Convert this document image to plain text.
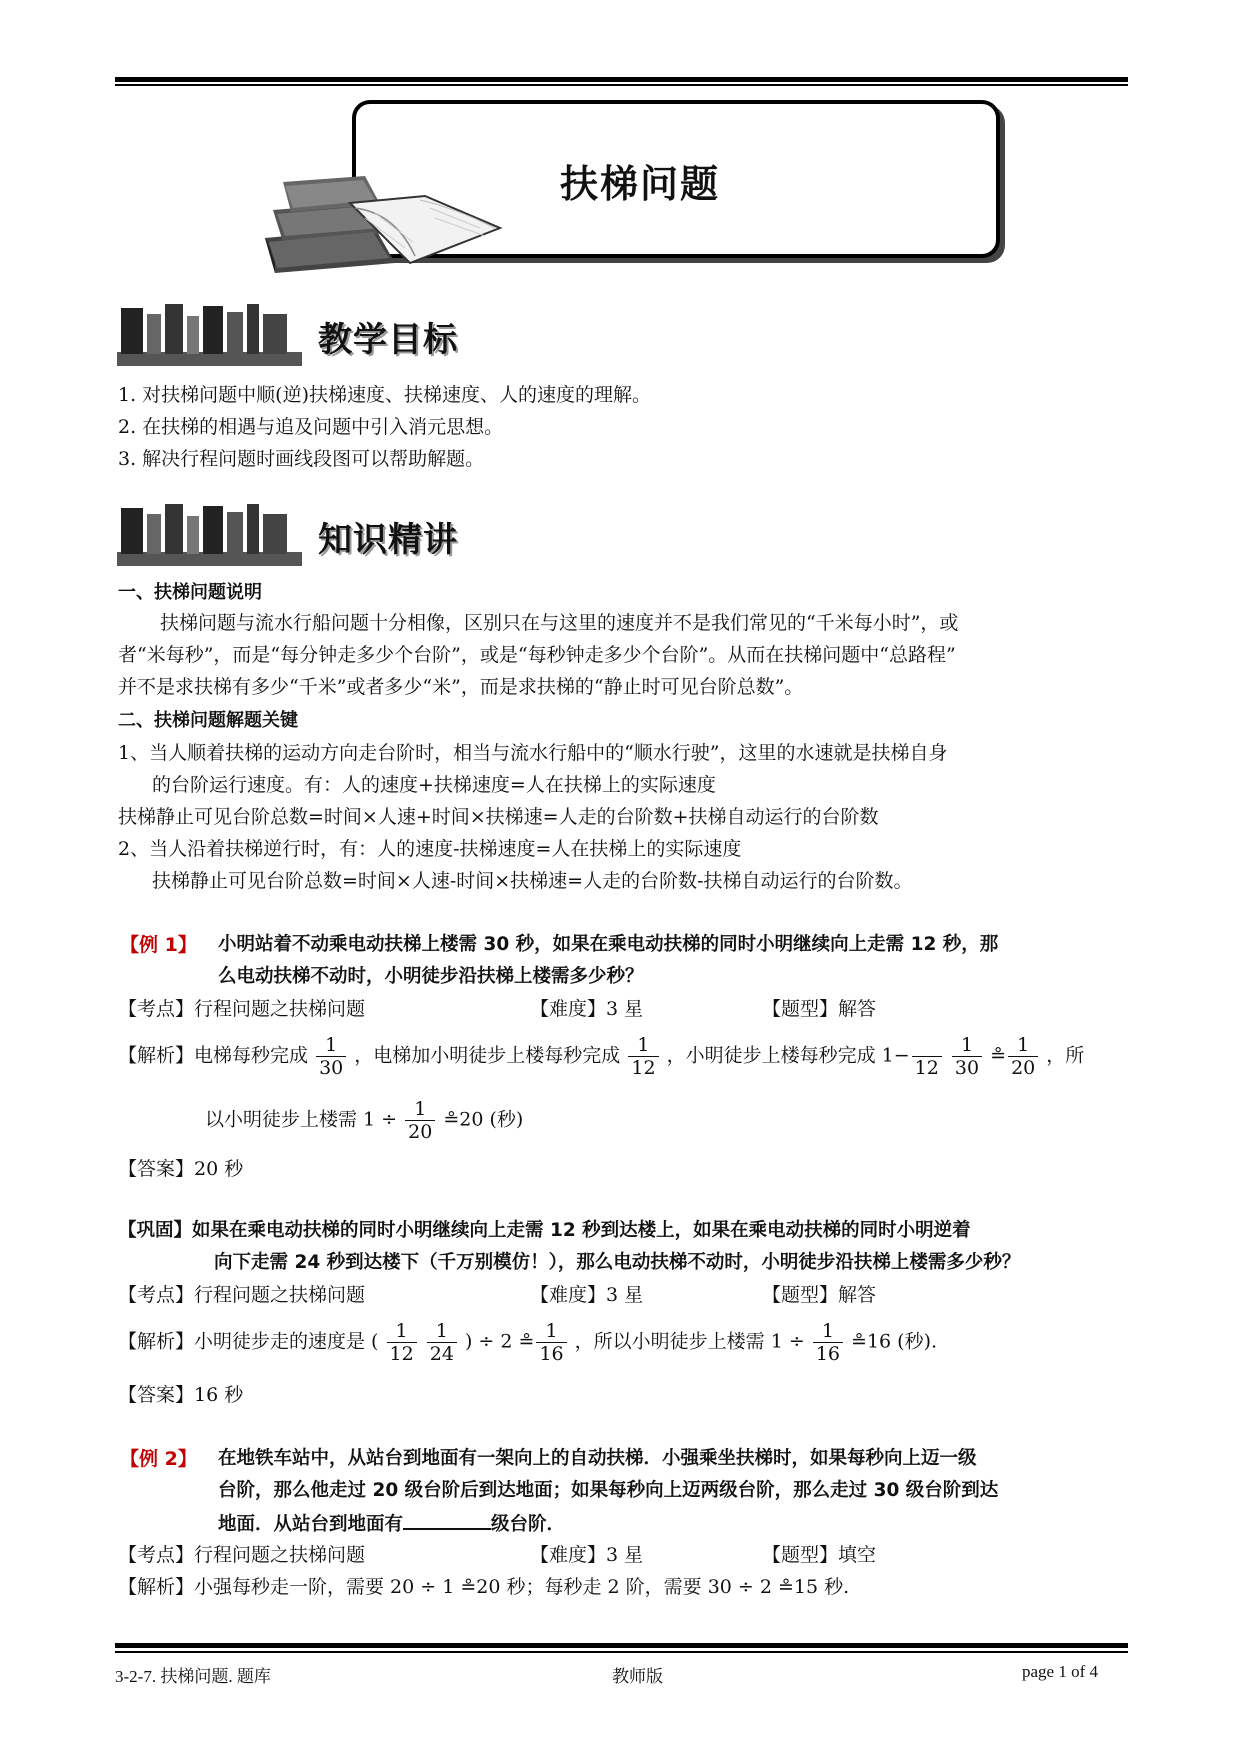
扶梯问题
教学目标
1. 对扶梯问题中顺(逆)扶梯速度、扶梯速度、人的速度的理解。
2. 在扶梯的相遇与追及问题中引入消元思想。
3. 解决行程问题时画线段图可以帮助解题。
知识精讲
一、扶梯问题说明
扶梯问题与流水行船问题十分相像，区别只在与这里的速度并不是我们常见的“千米每小时”，或
者“米每秒”，而是“每分钟走多少个台阶”，或是“每秒钟走多少个台阶”。从而在扶梯问题中“总路程”
并不是求扶梯有多少“千米”或者多少“米”，而是求扶梯的“静止时可见台阶总数”。
二、扶梯问题解题关键
1、当人顺着扶梯的运动方向走台阶时，相当与流水行船中的“顺水行驶”，这里的水速就是扶梯自身
的台阶运行速度。有：人的速度+扶梯速度=人在扶梯上的实际速度
扶梯静止可见台阶总数=时间×人速+时间×扶梯速=人走的台阶数+扶梯自动运行的台阶数
2、当人沿着扶梯逆行时，有：人的速度-扶梯速度=人在扶梯上的实际速度
扶梯静止可见台阶总数=时间×人速-时间×扶梯速=人走的台阶数-扶梯自动运行的台阶数。
【例 1】 小明站着不动乘电动扶梯上楼需 30 秒，如果在乘电动扶梯的同时小明继续向上走需 12 秒，那
么电动扶梯不动时，小明徒步沿扶梯上楼需多少秒？
【考点】行程问题之扶梯问题	【难度】3 星	【题型】解答
【解析】电梯每秒完成 $\frac{1}{30}$ ，电梯加小明徒步上楼每秒完成 $\frac{1}{12}$ ，小明徒步上楼每秒完成 1−

12
$\frac{1}{30}$ ≗ $\frac{1}{20}$ ，所
以小明徒步上楼需 $1 \div \frac{1}{20}$ ≗20 (秒)
【答案】20 秒
【巩固】如果在乘电动扶梯的同时小明继续向上走需 12 秒到达楼上，如果在乘电动扶梯的同时小明逆着
向下走需 24 秒到达楼下（千万别模仿！），那么电动扶梯不动时，小明徒步沿扶梯上楼需多少秒？
【考点】行程问题之扶梯问题	【难度】3 星	【题型】解答
【解析】小明徒步走的速度是 ( $\frac{1}{12}$
$\frac{1}{24}$ ) ÷ 2 ≗ $\frac{1}{16}$ ，所以小明徒步上楼需 $1 \div \frac{1}{16}$ ≗16 (秒).
【答案】16 秒
【例 2】 在地铁车站中，从站台到地面有一架向上的自动扶梯．小强乘坐扶梯时，如果每秒向上迈一级
台阶，那么他走过 20 级台阶后到达地面；如果每秒向上迈两级台阶，那么走过 30 级台阶到达
地面．从站台到地面有	级台阶．
【考点】行程问题之扶梯问题	【难度】3 星	【题型】填空
【解析】小强每秒走一阶，需要 20 ÷ 1 ≗20 秒；每秒走 2 阶，需要 30 ÷ 2 ≗15 秒.
3-2-7. 扶梯问题. 题库	教师版	page 1 of 4
